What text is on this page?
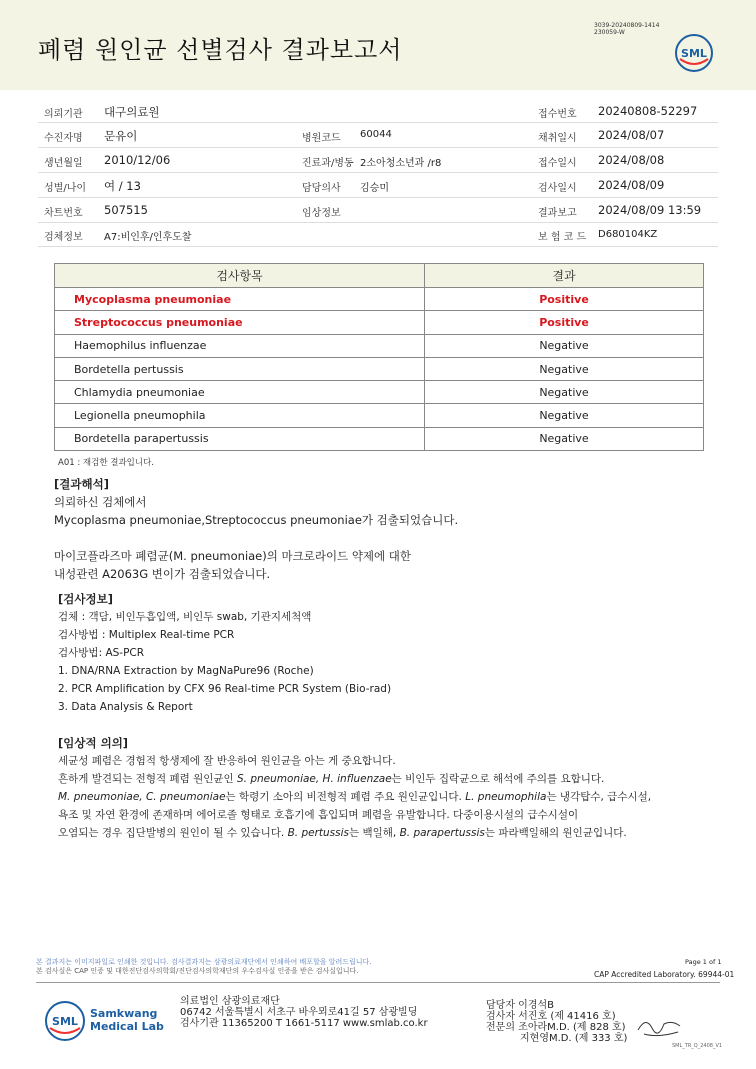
폐렴 원인균 선별검사 결과보고서
3039-20240809-1414
230059-W
SML
의뢰기관 대구의료원	접수번호 20240808-52297
수진자명 문유이	병원코드 60044	채취일시 2024/08/07
생년월일 2010/12/06	진료과/병동 2소아청소년과 /r8	접수일시 2024/08/08
성별/나이 여 / 13	담당의사 김승미	검사일시 2024/08/09
차트번호 507515	임상정보	결과보고 2024/08/09 13:59
검체정보 A7:비인후/인후도찰	보 험 코 드 D680104KZ
검사항목	결과
Mycoplasma pneumoniae	Positive
Streptococcus pneumoniae	Positive
Haemophilus influenzae	Negative
Bordetella pertussis	Negative
Chlamydia pneumoniae	Negative
Legionella pneumophila	Negative
Bordetella parapertussis	Negative
A01 : 재검한 결과입니다.
[결과해석]
의뢰하신 검체에서
Mycoplasma pneumoniae,Streptococcus pneumoniae가 검출되었습니다.
마이코플라즈마 폐렴균(M. pneumoniae)의 마크로라이드 약제에 대한
내성관련 A2063G 변이가 검출되었습니다.
[검사정보]
검체 : 객담, 비인두흡입액, 비인두 swab, 기관지세척액
검사방법 : Multiplex Real-time PCR
검사방법: AS-PCR
1. DNA/RNA Extraction by MagNaPure96 (Roche)
2. PCR Amplification by CFX 96 Real-time PCR System (Bio-rad)
3. Data Analysis & Report
[임상적 의의]
세균성 폐렴은 경험적 항생제에 잘 반응하여 원인균을 아는 게 중요합니다.
흔하게 발견되는 전형적 폐렴 원인균인 S. pneumoniae, H. influenzae는 비인두 집락균으로 해석에 주의를 요합니다.
M. pneumoniae, C. pneumoniae는 학령기 소아의 비전형적 폐렴 주요 원인균입니다. L. pneumophila는 냉각탑수, 급수시설,
욕조 및 자연 환경에 존재하며 에어로졸 형태로 호흡기에 흡입되며 폐렴을 유발합니다. 다중이용시설의 급수시설이
오염되는 경우 집단발병의 원인이 될 수 있습니다. B. pertussis는 백일해, B. parapertussis는 파라백일해의 원인균입니다.
본 결과지는 이미지파일로 인쇄한 것입니다. 검사결과지는 삼광의료재단에서 인쇄하여 배포할을 알려드립니다.
본 검사실은 CAP 인증 및 대한진단검사의학회/진단검사의학재단의 우수검사실 인증을 받은 검사실입니다.
Page 1 of 1
CAP Accredited Laboratory. 69944-01
SML
Samkwang
Medical Lab
의료법인 삼광의료재단
06742 서울특별시 서초구 바우뫼로41길 57 삼광빌딩
검사기관 11365200 T 1661-5117 www.smlab.co.kr
담당자 이경석B
검사자 서진호 (제 41416 호)
전문의 조아라M.D. (제 828 호)
지현영M.D. (제 333 호)
SML_TR_Q_2408_V1
